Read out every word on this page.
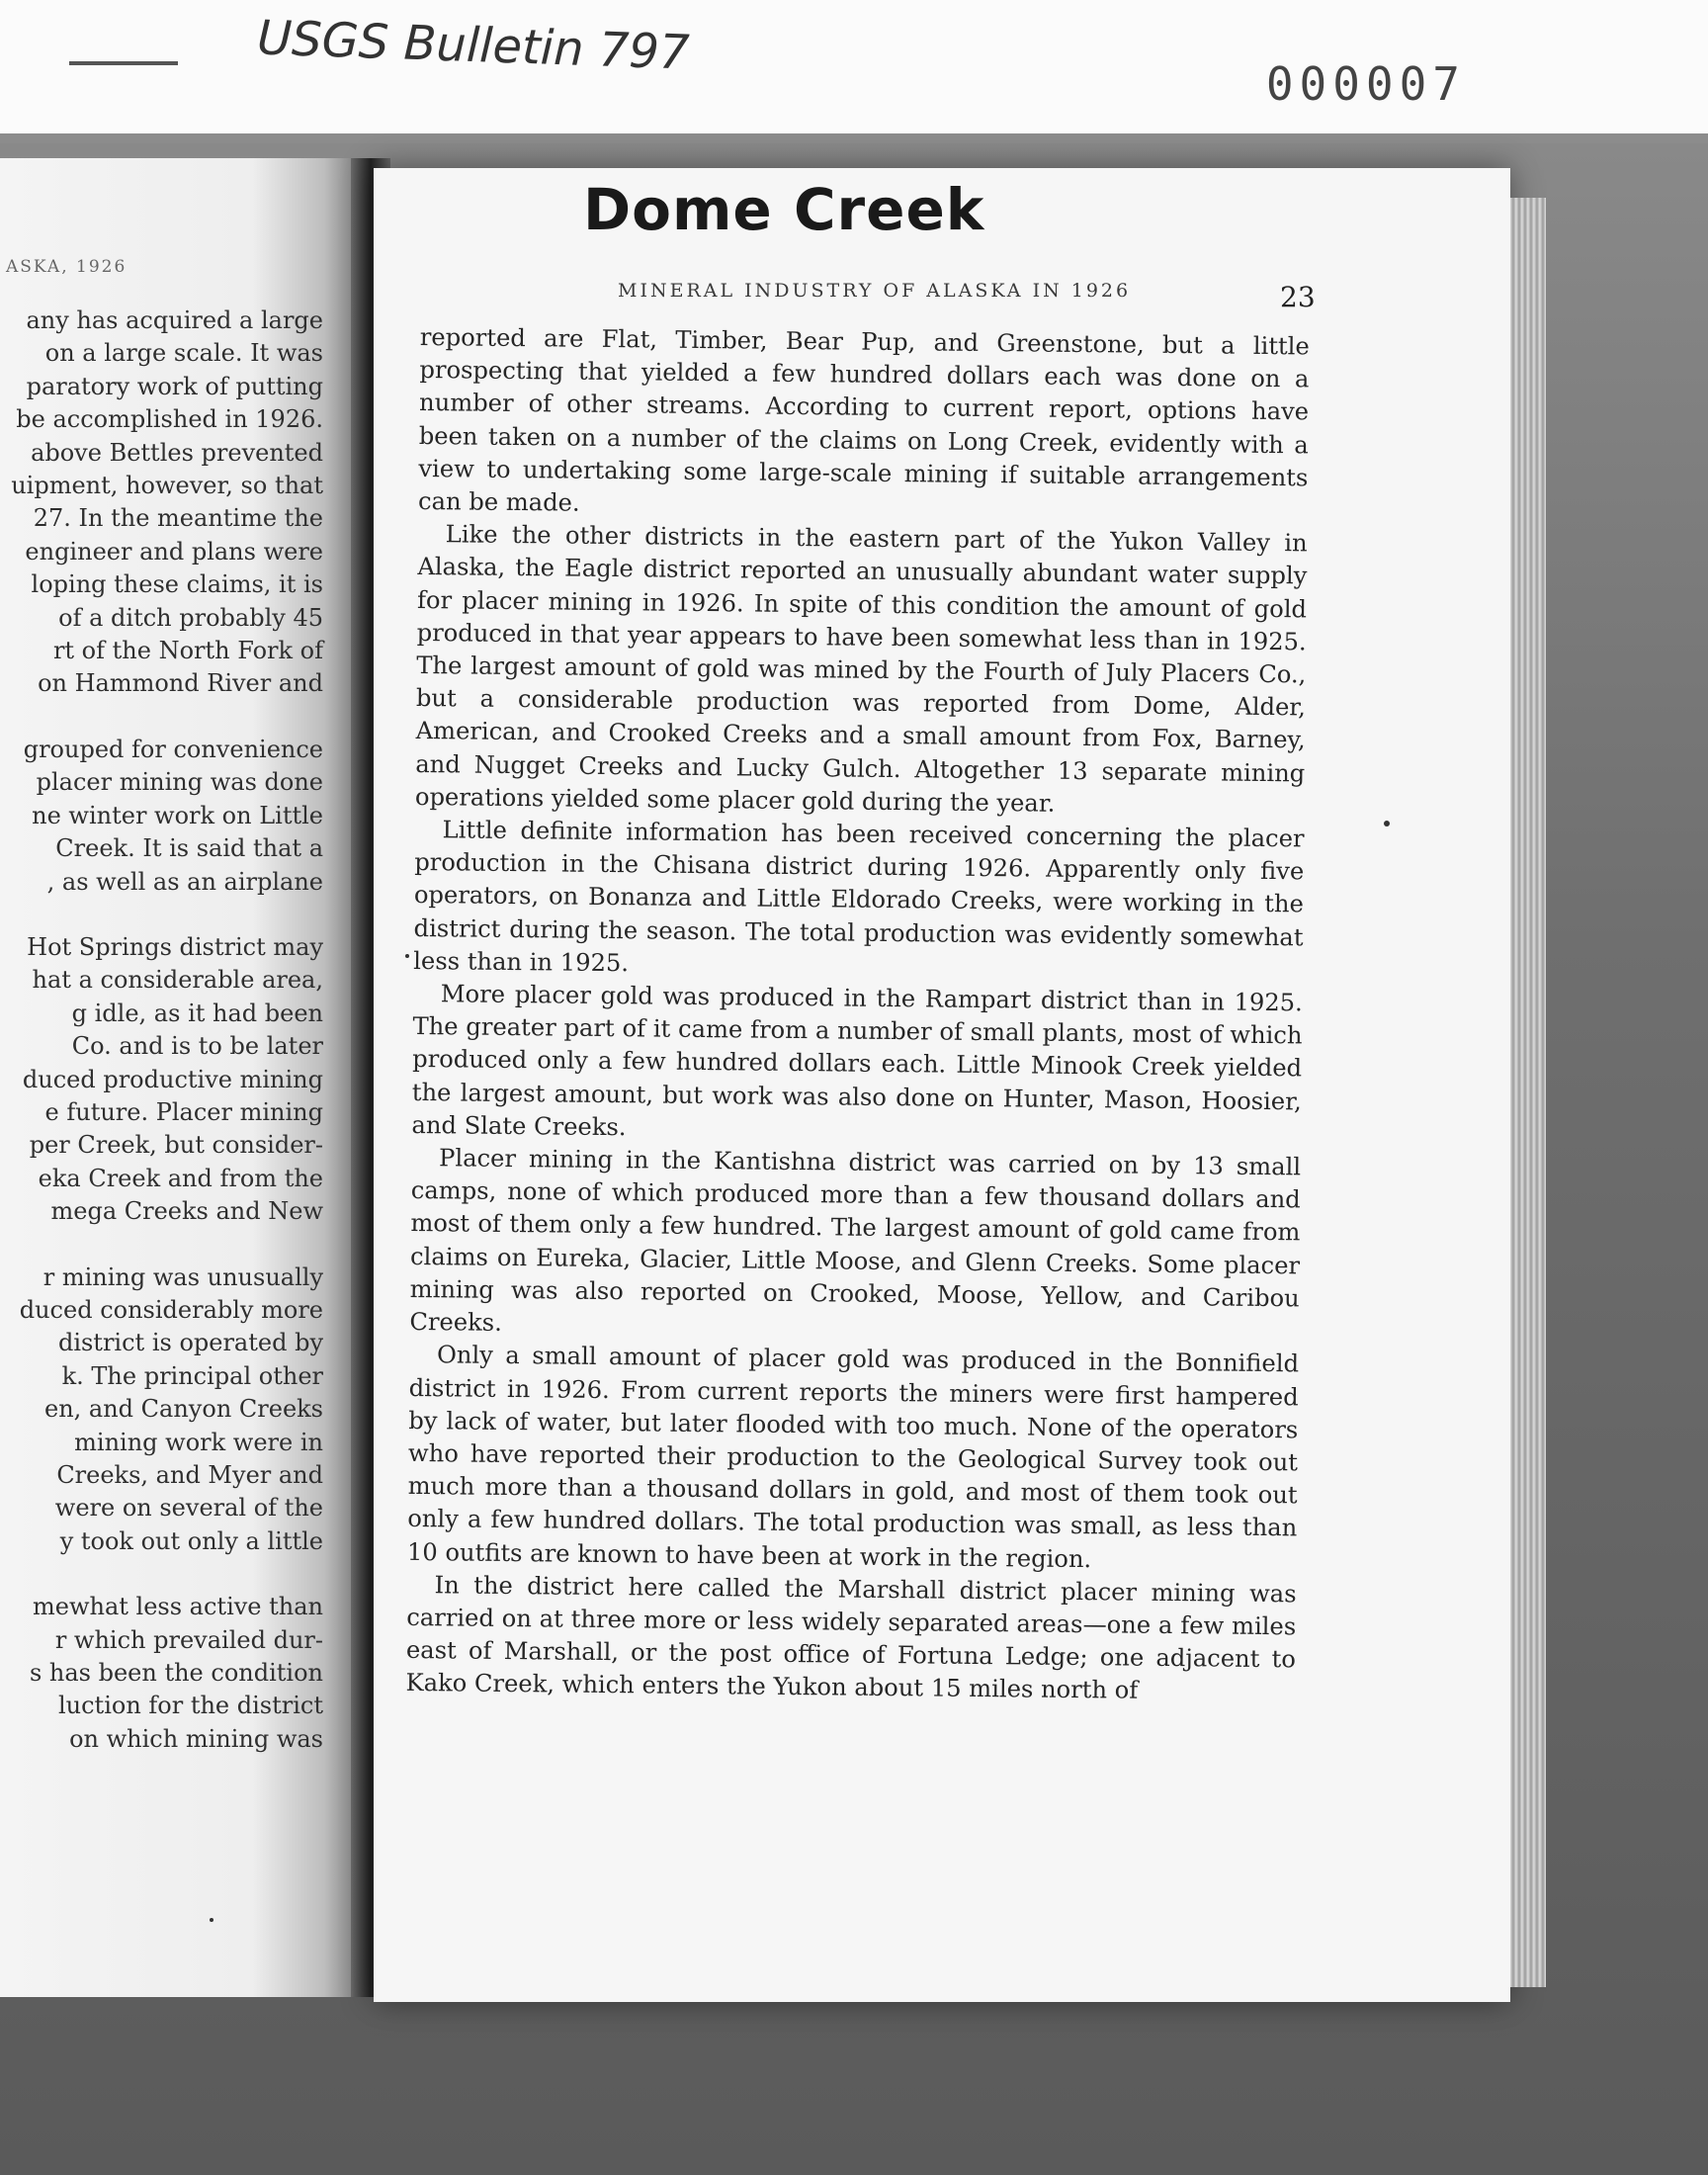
USGS Bulletin 797
000007
ASKA, 1926
any has acquired a large
on a large scale. It was
paratory work of putting
be accomplished in 1926.
above Bettles prevented
uipment, however, so that
27. In the meantime the
engineer and plans were
loping these claims, it is
of a ditch probably 45
rt of the North Fork of
on Hammond River and
grouped for convenience
placer mining was done
ne winter work on Little
Creek. It is said that a
, as well as an airplane
Hot Springs district may
hat a considerable area,
g idle, as it had been
Co. and is to be later
duced productive mining
e future. Placer mining
per Creek, but consider-
eka Creek and from the
mega Creeks and New
r mining was unusually
duced considerably more
district is operated by
k. The principal other
en, and Canyon Creeks
mining work were in
Creeks, and Myer and
were on several of the
y took out only a little
mewhat less active than
r which prevailed dur-
s has been the condition
luction for the district
on which mining was
Dome Creek
MINERAL INDUSTRY OF ALASKA IN 1926	23

reported are Flat, Timber, Bear Pup, and Greenstone, but a little prospecting that yielded a few hundred dollars each was done on a number of other streams. According to current report, options have been taken on a number of the claims on Long Creek, evidently with a view to undertaking some large-scale mining if suitable arrangements can be made.

Like the other districts in the eastern part of the Yukon Valley in Alaska, the Eagle district reported an unusually abundant water supply for placer mining in 1926. In spite of this condition the amount of gold produced in that year appears to have been somewhat less than in 1925. The largest amount of gold was mined by the Fourth of July Placers Co., but a considerable production was reported from Dome, Alder, American, and Crooked Creeks and a small amount from Fox, Barney, and Nugget Creeks and Lucky Gulch. Altogether 13 separate mining operations yielded some placer gold during the year.

Little definite information has been received concerning the placer production in the Chisana district during 1926. Apparently only five operators, on Bonanza and Little Eldorado Creeks, were working in the district during the season. The total production was evidently somewhat less than in 1925.

More placer gold was produced in the Rampart district than in 1925. The greater part of it came from a number of small plants, most of which produced only a few hundred dollars each. Little Minook Creek yielded the largest amount, but work was also done on Hunter, Mason, Hoosier, and Slate Creeks.

Placer mining in the Kantishna district was carried on by 13 small camps, none of which produced more than a few thousand dollars and most of them only a few hundred. The largest amount of gold came from claims on Eureka, Glacier, Little Moose, and Glenn Creeks. Some placer mining was also reported on Crooked, Moose, Yellow, and Caribou Creeks.

Only a small amount of placer gold was produced in the Bonnifield district in 1926. From current reports the miners were first hampered by lack of water, but later flooded with too much. None of the operators who have reported their production to the Geological Survey took out much more than a thousand dollars in gold, and most of them took out only a few hundred dollars. The total production was small, as less than 10 outfits are known to have been at work in the region.

In the district here called the Marshall district placer mining was carried on at three more or less widely separated areas—one a few miles east of Marshall, or the post office of Fortuna Ledge; one adjacent to Kako Creek, which enters the Yukon about 15 miles north of
